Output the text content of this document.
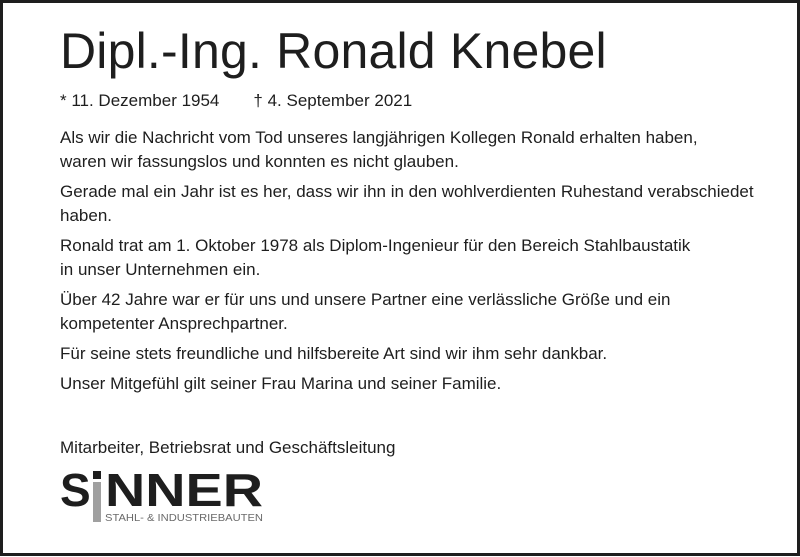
Dipl.-Ing. Ronald Knebel
* 11. Dezember 1954 † 4. September 2021

Als wir die Nachricht vom Tod unseres langjährigen Kollegen Ronald erhalten haben, waren wir fassungslos und konnten es nicht glauben.

Gerade mal ein Jahr ist es her, dass wir ihn in den wohlverdienten Ruhestand verabschiedet haben.

Ronald trat am 1. Oktober 1978 als Diplom-Ingenieur für den Bereich Stahlbaustatik in unser Unternehmen ein.

Über 42 Jahre war er für uns und unsere Partner eine verlässliche Größe und ein kompetenter Ansprechpartner.

Für seine stets freundliche und hilfsbereite Art sind wir ihm sehr dankbar.

Unser Mitgefühl gilt seiner Frau Marina und seiner Familie.

Mitarbeiter, Betriebsrat und Geschäftsleitung
S NNER
STAHL- & INDUSTRIEBAUTEN
